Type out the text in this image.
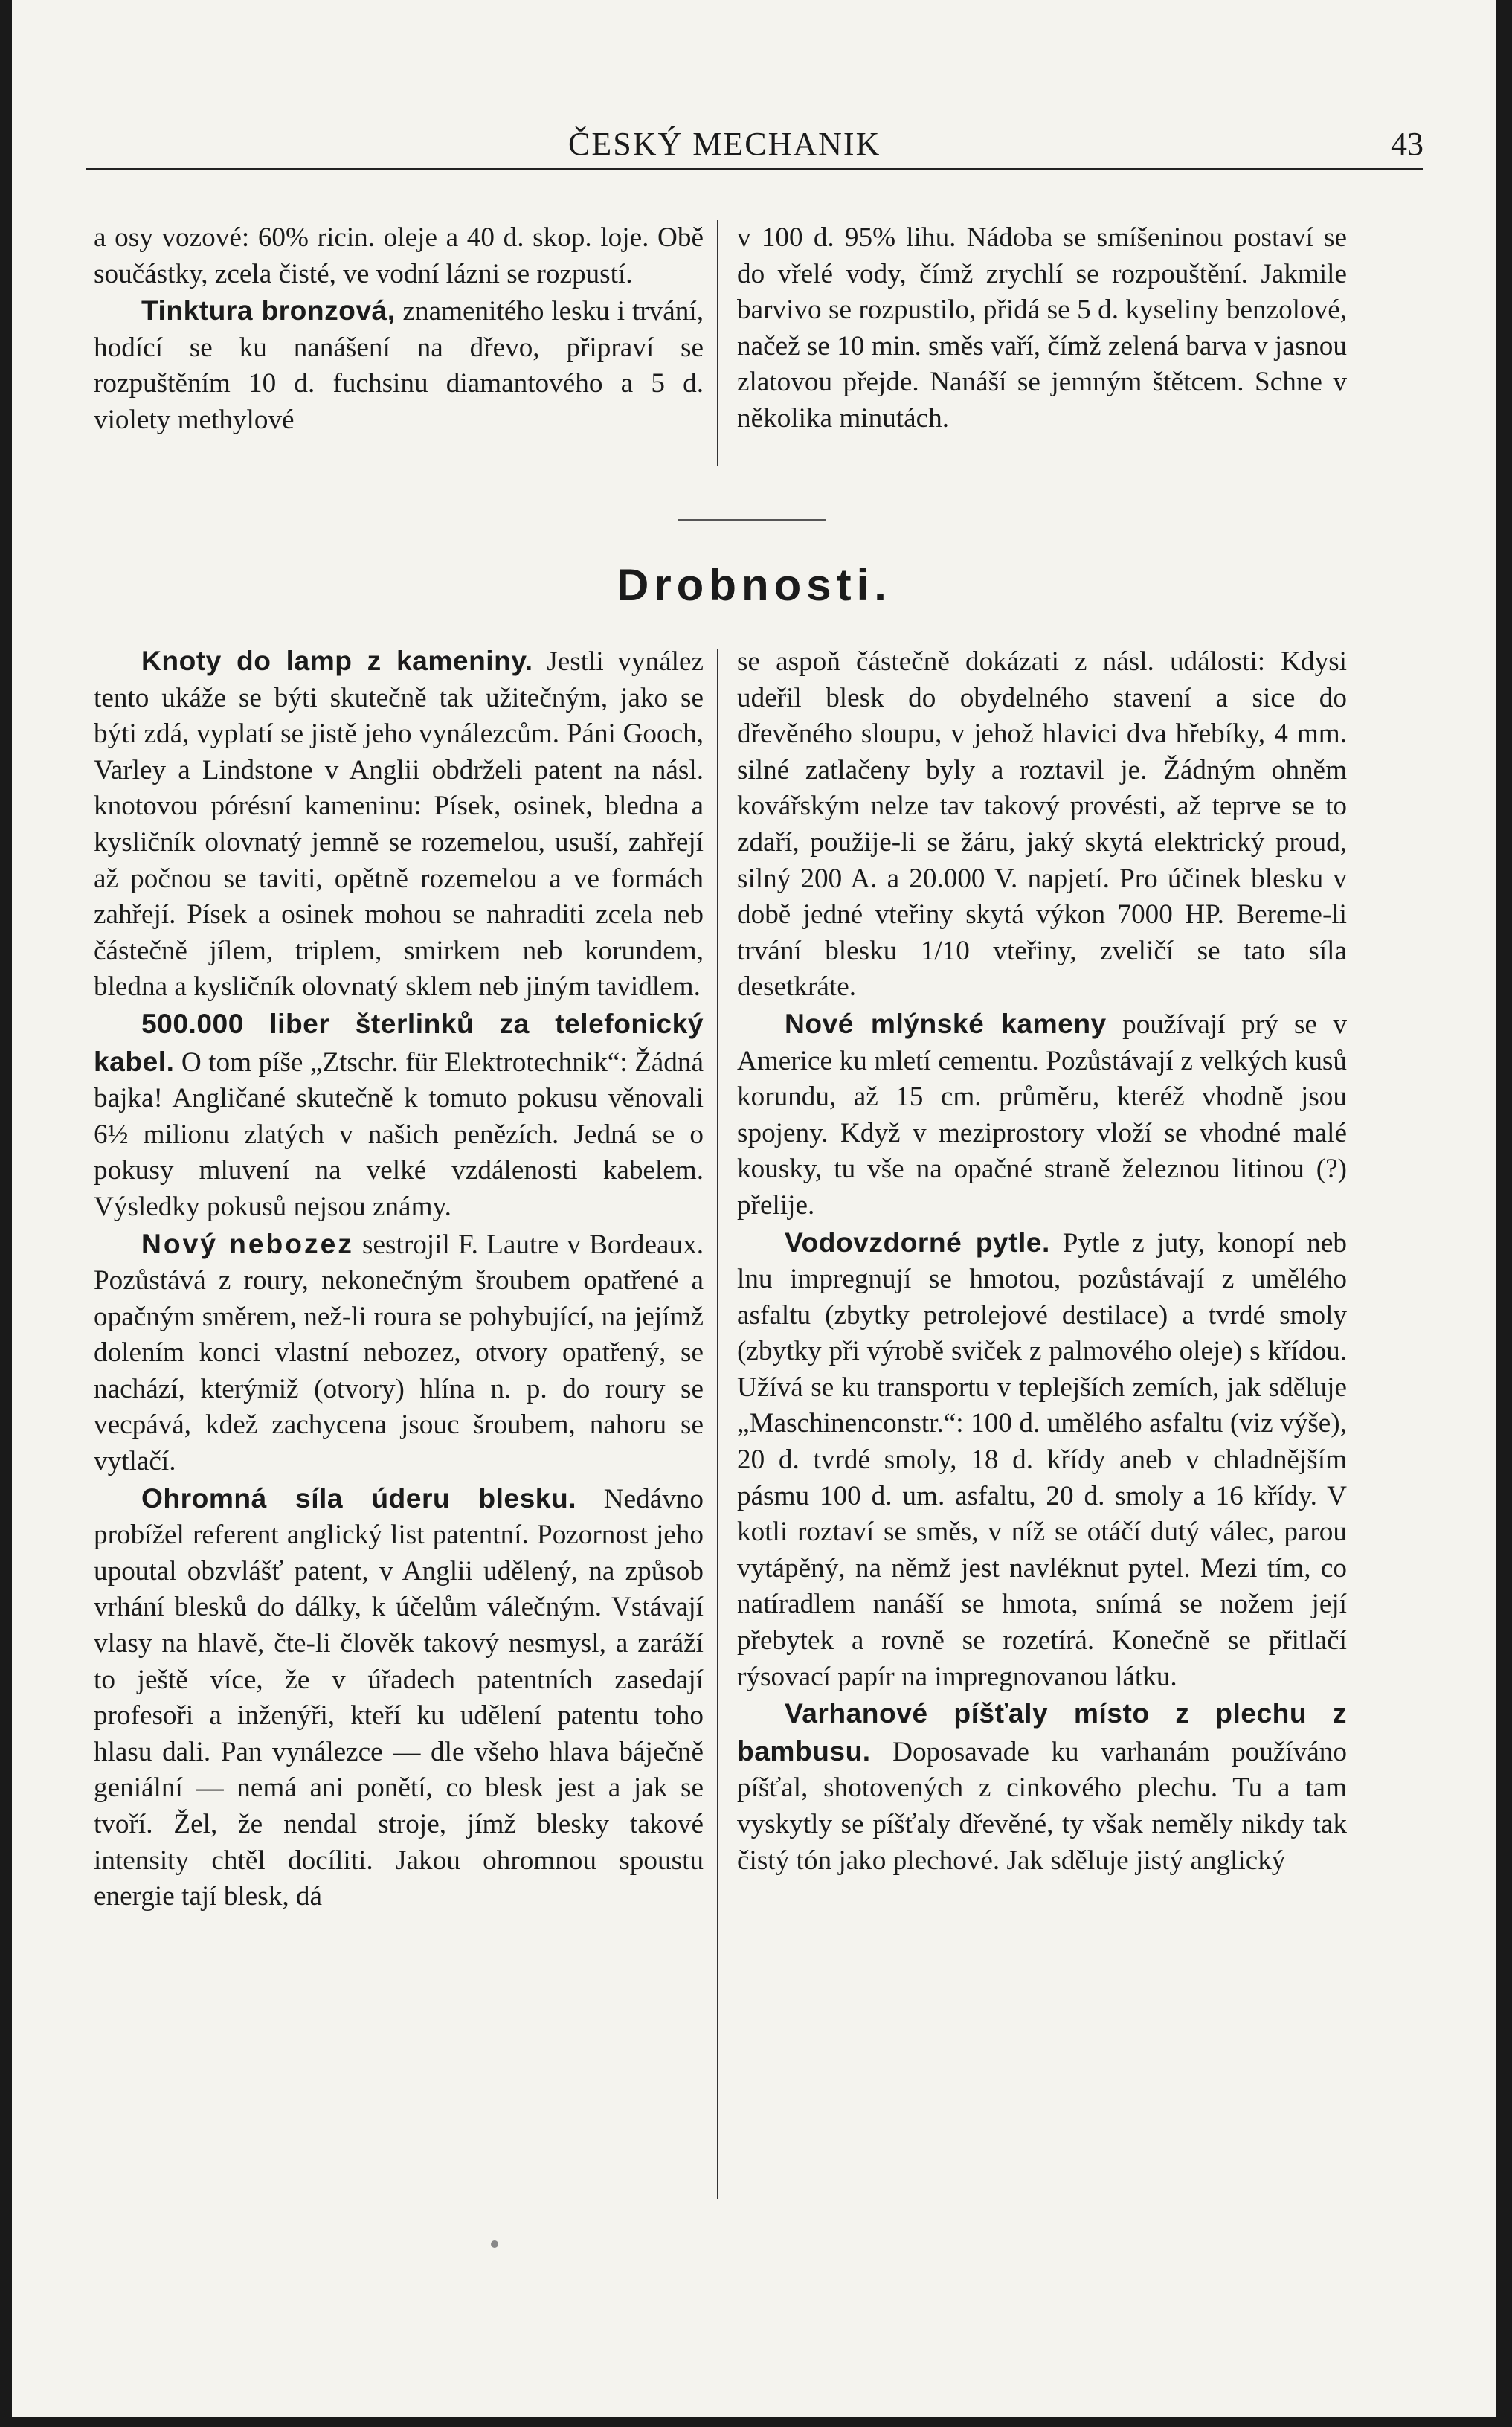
ČESKÝ MECHANIK	43

a osy vozové: 60% ricin. oleje a 40 d. skop. loje. Obě součástky, zcela čisté, ve vodní lázni se rozpustí.

Tinktura bronzová, znamenitého lesku i trvání, hodící se ku nanášení na dřevo, připraví se rozpuštěním 10 d. fuchsinu diamantového a 5 d. violety methylové

v 100 d. 95% lihu. Nádoba se smíšeninou postaví se do vřelé vody, čímž zrychlí se rozpouštění. Jakmile barvivo se rozpustilo, přidá se 5 d. kyseliny benzolové, načež se 10 min. směs vaří, čímž zelená barva v jasnou zlatovou přejde. Nanáší se jemným štětcem. Schne v několika minutách.

Drobnosti.

Knoty do lamp z kameniny. Jestli vynález tento ukáže se býti skutečně tak užitečným, jako se býti zdá, vyplatí se jistě jeho vynálezcům. Páni Gooch, Varley a Lindstone v Anglii obdrželi patent na násl. knotovou pórésní kameninu: Písek, osinek, bledna a kysličník olovnatý jemně se rozemelou, usuší, zahřejí až počnou se taviti, opětně rozemelou a ve formách zahřejí. Písek a osinek mohou se nahraditi zcela neb částečně jílem, triplem, smirkem neb korundem, bledna a kysličník olovnatý sklem neb jiným tavidlem.

500.000 liber šterlinků za telefonický kabel. O tom píše „Ztschr. für Elektrotechnik“: Žádná bajka! Angličané skutečně k tomuto pokusu věnovali 6½ milionu zlatých v našich penězích. Jedná se o pokusy mluvení na velké vzdálenosti kabelem. Výsledky pokusů nejsou známy.

Nový nebozez sestrojil F. Lautre v Bordeaux. Pozůstává z roury, nekonečným šroubem opatřené a opačným směrem, než-li roura se pohybující, na jejímž dolením konci vlastní nebozez, otvory opatřený, se nachází, kterýmiž (otvory) hlína n. p. do roury se vecpává, kdež zachycena jsouc šroubem, nahoru se vytlačí.

Ohromná síla úderu blesku. Nedávno probížel referent anglický list patentní. Pozornost jeho upoutal obzvlášť patent, v Anglii udělený, na způsob vrhání blesků do dálky, k účelům válečným. Vstávají vlasy na hlavě, čte-li člověk takový nesmysl, a zaráží to ještě více, že v úřadech patentních zasedají profesoři a inženýři, kteří ku udělení patentu toho hlasu dali. Pan vynálezce — dle všeho hlava báječně geniální — nemá ani ponětí, co blesk jest a jak se tvoří. Žel, že nendal stroje, jímž blesky takové intensity chtěl docíliti. Jakou ohromnou spoustu energie tají blesk, dá

se aspoň částečně dokázati z násl. události: Kdysi udeřil blesk do obydelného stavení a sice do dřevěného sloupu, v jehož hlavici dva hřebíky, 4 mm. silné zatlačeny byly a roztavil je. Žádným ohněm kovářským nelze tav takový provésti, až teprve se to zdaří, použije-li se žáru, jaký skytá elektrický proud, silný 200 A. a 20.000 V. napjetí. Pro účinek blesku v době jedné vteřiny skytá výkon 7000 HP. Bereme-li trvání blesku 1/10 vteřiny, zveličí se tato síla desetkráte.

Nové mlýnské kameny používají prý se v Americe ku mletí cementu. Pozůstávají z velkých kusů korundu, až 15 cm. průměru, kteréž vhodně jsou spojeny. Když v meziprostory vloží se vhodné malé kousky, tu vše na opačné straně železnou litinou (?) přelije.

Vodovzdorné pytle. Pytle z juty, konopí neb lnu impregnují se hmotou, pozůstávají z umělého asfaltu (zbytky petrolejové destilace) a tvrdé smoly (zbytky při výrobě sviček z palmového oleje) s křídou. Užívá se ku transportu v teplejších zemích, jak sděluje „Maschinenconstr.“: 100 d. umělého asfaltu (viz výše), 20 d. tvrdé smoly, 18 d. křídy aneb v chladnějším pásmu 100 d. um. asfaltu, 20 d. smoly a 16 křídy. V kotli roztaví se směs, v níž se otáčí dutý válec, parou vytápěný, na němž jest navléknut pytel. Mezi tím, co natíradlem nanáší se hmota, snímá se nožem její přebytek a rovně se rozetírá. Konečně se přitlačí rýsovací papír na impregnovanou látku.

Varhanové píšťaly místo z plechu z bambusu. Doposavade ku varhanám používáno píšťal, shotovených z cinkového plechu. Tu a tam vyskytly se píšťaly dřevěné, ty však neměly nikdy tak čistý tón jako plechové. Jak sděluje jistý anglický
